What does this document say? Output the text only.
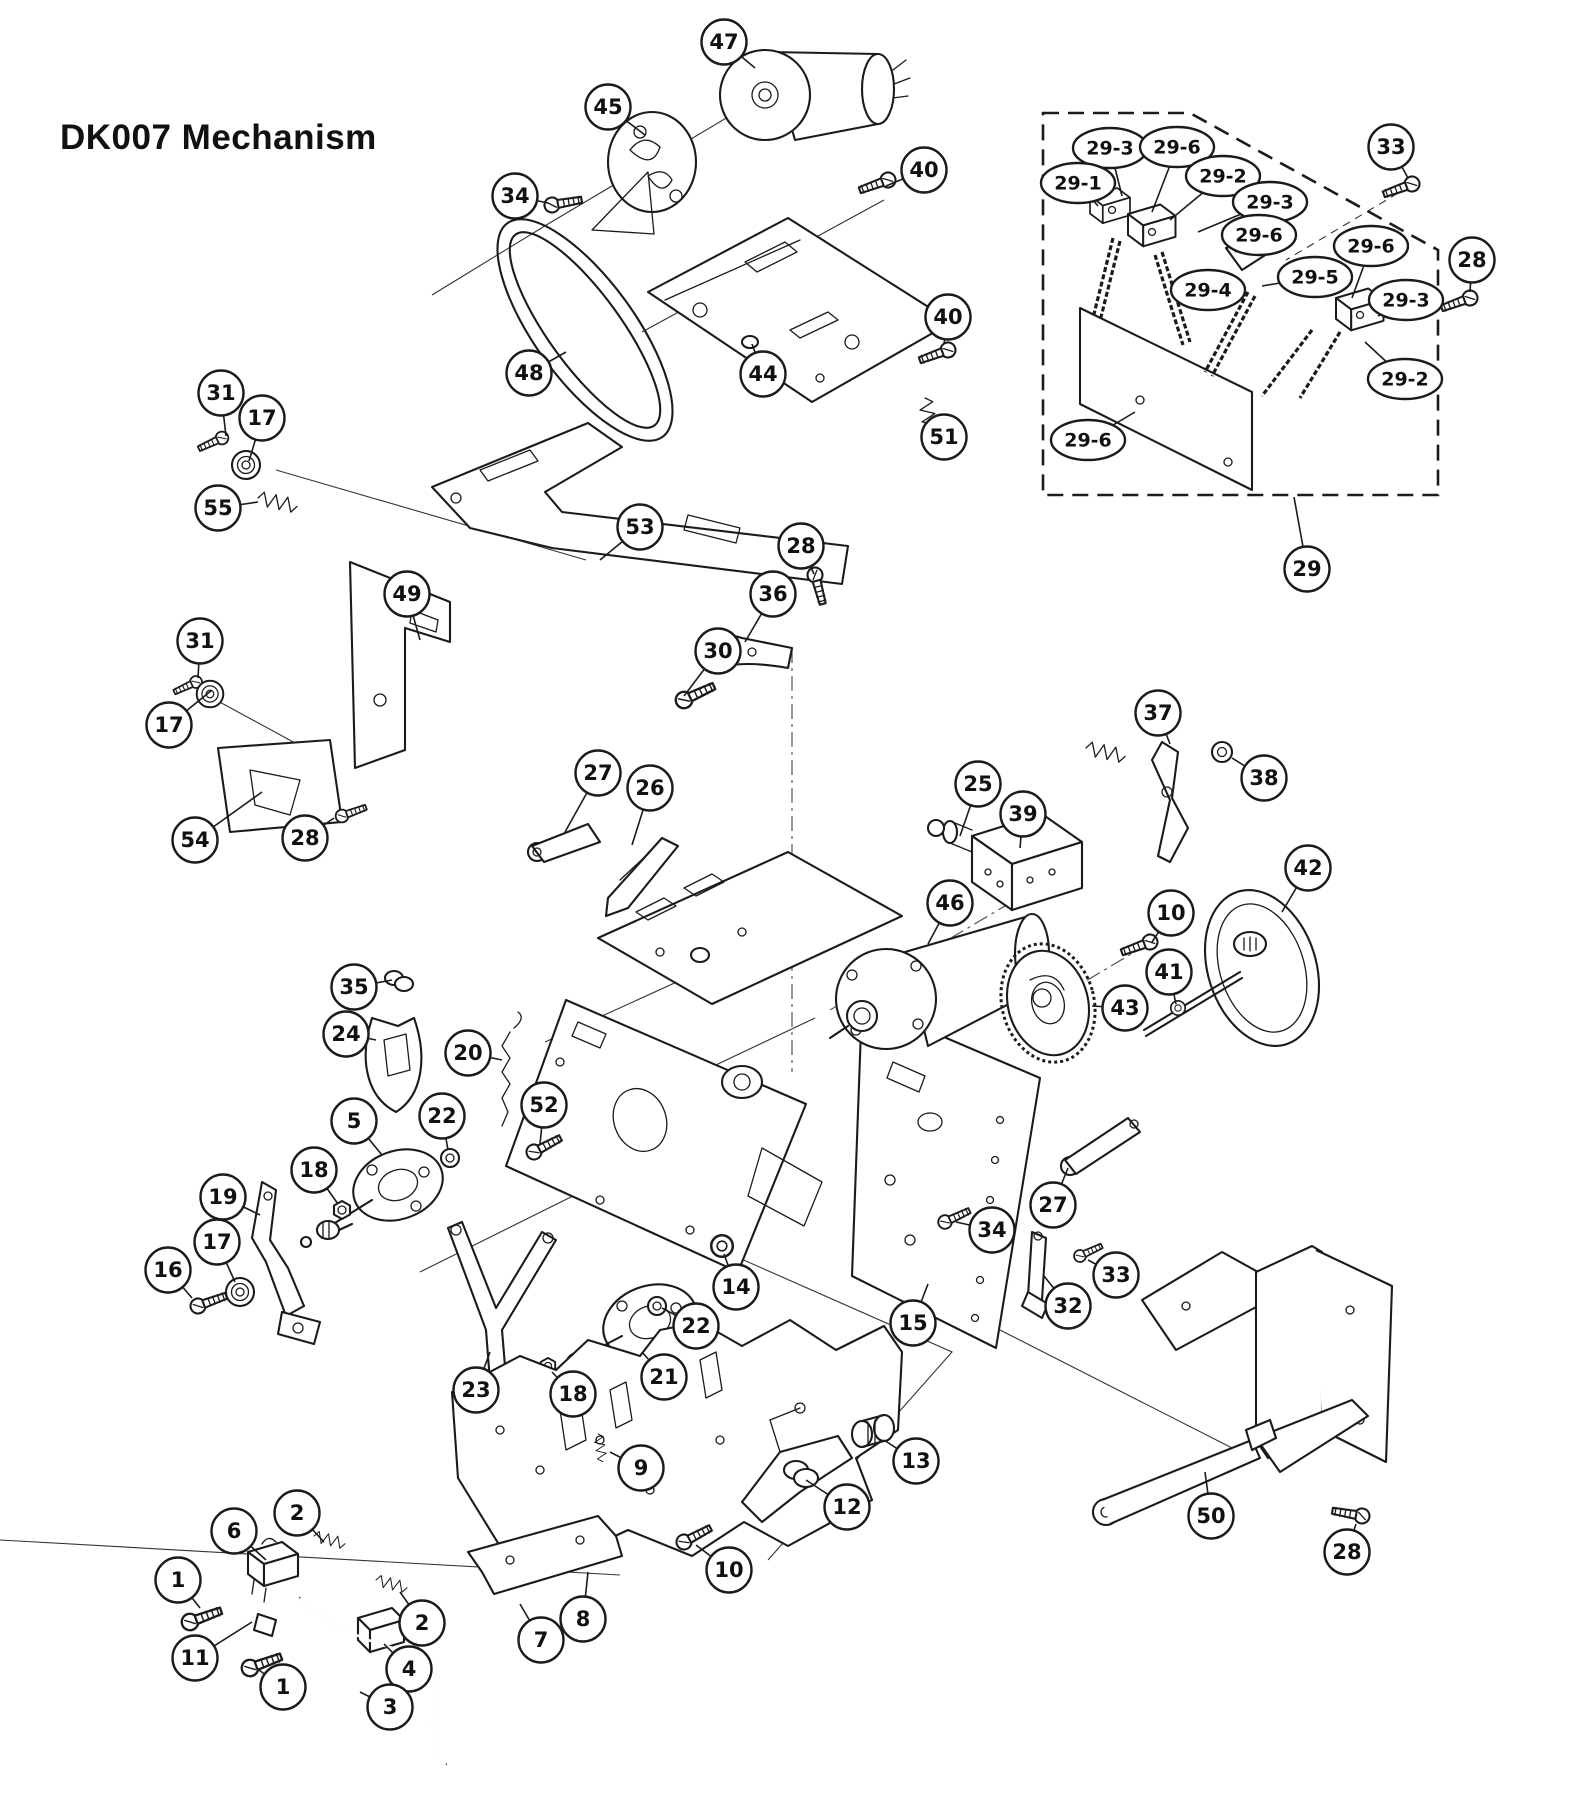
DK007 Mechanism
47
45
34
40
44
40
48
51
29-3 29-6
29-1	29-2
29-3
29-6
29-5
29-4
29-6
29-3
29-2
29-6
33
28
29
31
17
55
53
49
31
17
54	28
27
26
28
36
30
37
38
25
39
42
46	10
41
43
35
24
20
52
5	22
18
19
17
16
14
22
21
18
23
15
34
27
33
32
9	13
12
10
2
6
1
11
1
2
4
3
7
8
50
28
